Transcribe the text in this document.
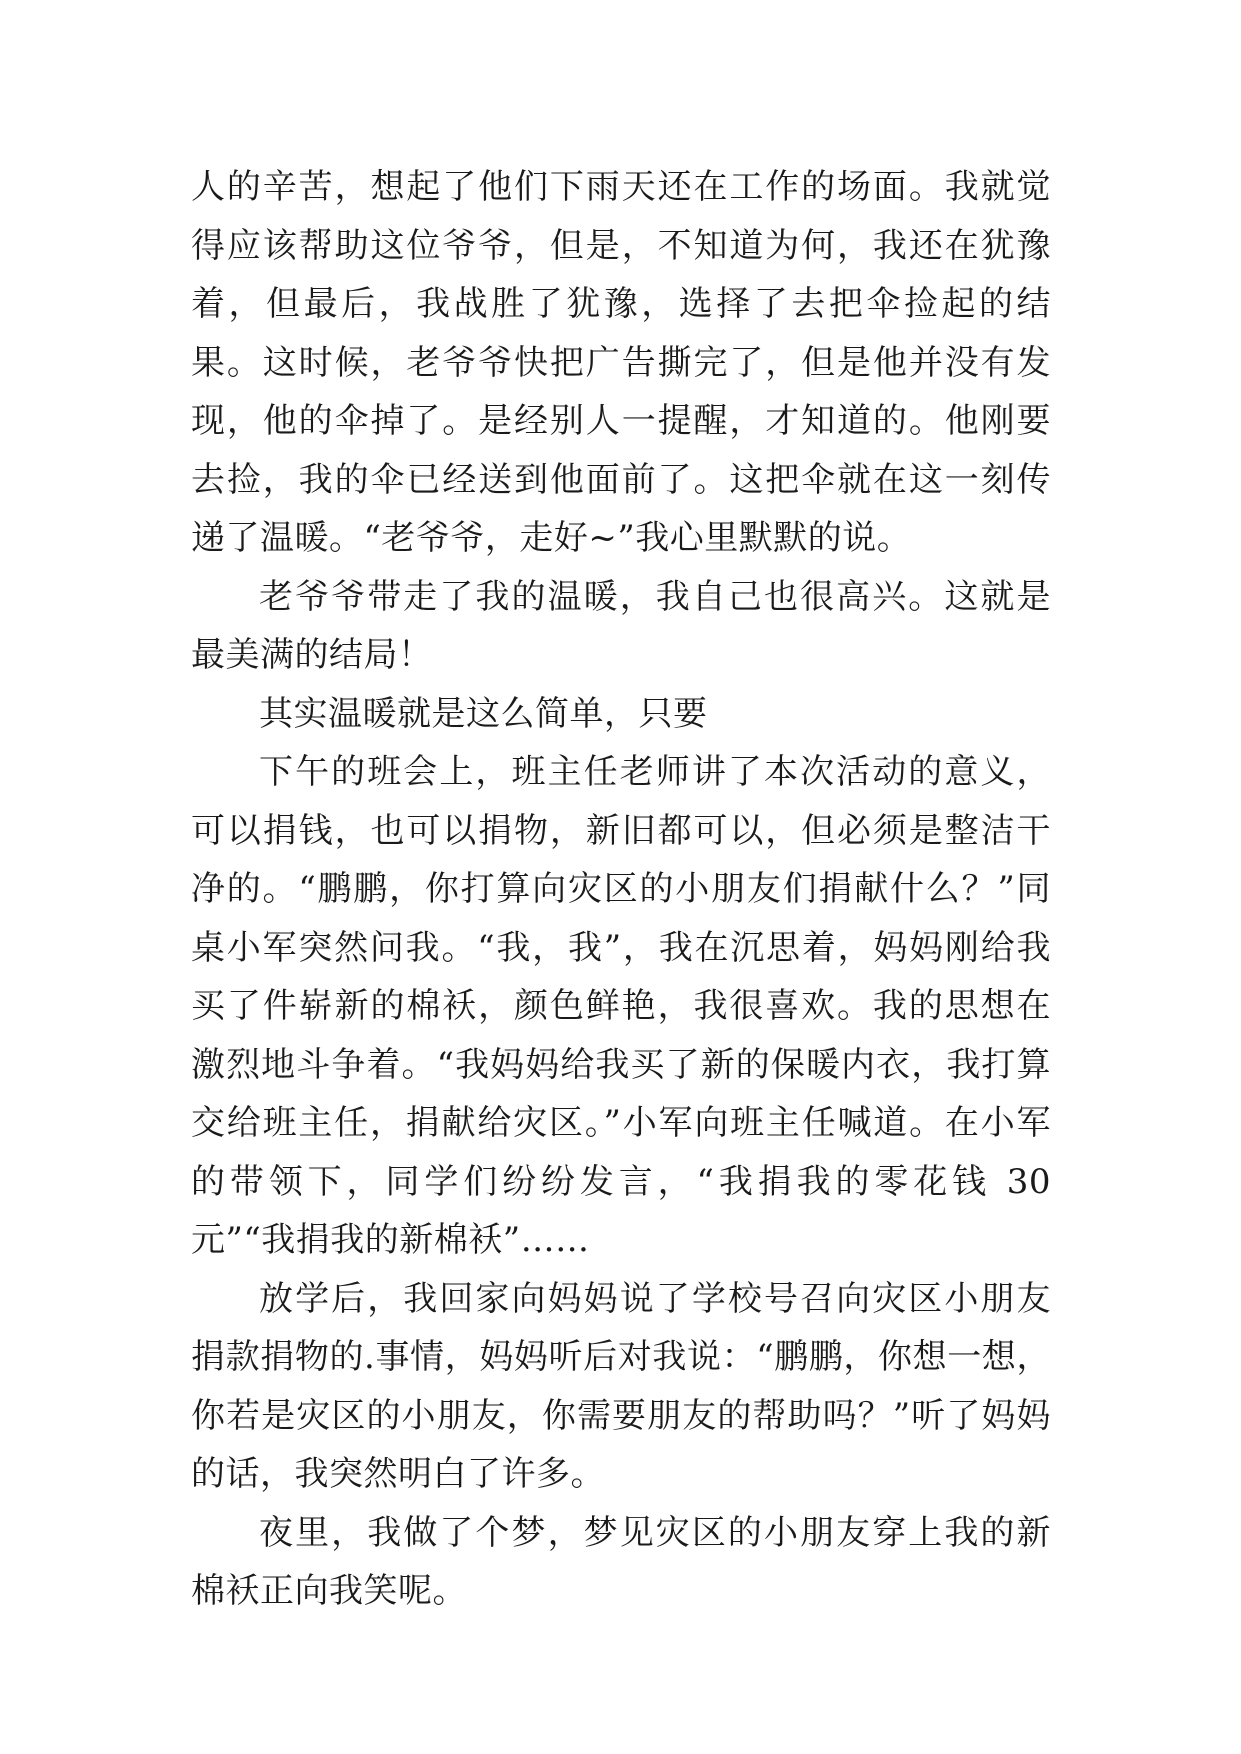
人的辛苦，想起了他们下雨天还在工作的场面。我就觉得应该帮助这位爷爷，但是，不知道为何，我还在犹豫着，但最后，我战胜了犹豫，选择了去把伞捡起的结果。这时候，老爷爷快把广告撕完了，但是他并没有发现，他的伞掉了。是经别人一提醒，才知道的。他刚要去捡，我的伞已经送到他面前了。这把伞就在这一刻传递了温暖。“老爷爷，走好~”我心里默默的说。

老爷爷带走了我的温暖，我自己也很高兴。这就是最美满的结局！

其实温暖就是这么简单，只要

下午的班会上，班主任老师讲了本次活动的意义，可以捐钱，也可以捐物，新旧都可以，但必须是整洁干净的。“鹏鹏，你打算向灾区的小朋友们捐献什么？”同桌小军突然问我。“我，我”，我在沉思着，妈妈刚给我买了件崭新的棉袄，颜色鲜艳，我很喜欢。我的思想在激烈地斗争着。“我妈妈给我买了新的保暖内衣，我打算交给班主任，捐献给灾区。”小军向班主任喊道。在小军的带领下，同学们纷纷发言，“我捐我的零花钱 30 元”“我捐我的新棉袄”……

放学后，我回家向妈妈说了学校号召向灾区小朋友捐款捐物的.事情，妈妈听后对我说：“鹏鹏，你想一想，你若是灾区的小朋友，你需要朋友的帮助吗？”听了妈妈的话，我突然明白了许多。

夜里，我做了个梦，梦见灾区的小朋友穿上我的新棉袄正向我笑呢。
